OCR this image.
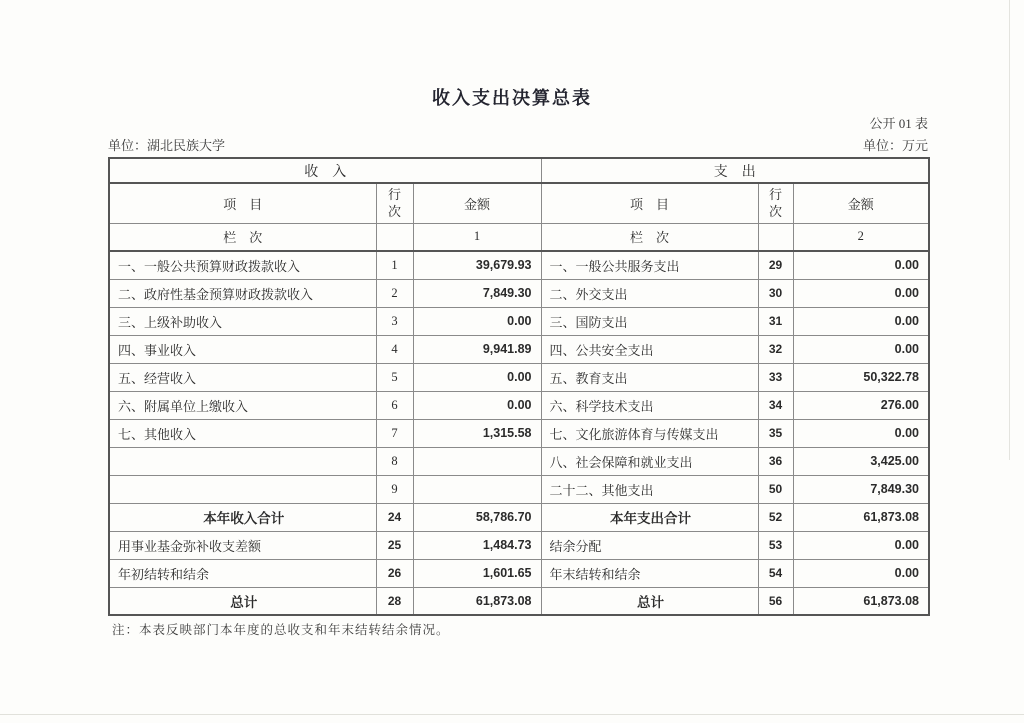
收入支出决算总表
公开 01 表
单位：湖北民族大学	单位：万元
收　入			支　出		
项　目	行次	金额	项　目	行次	金额
栏　次		1	栏　次		2
一、一般公共预算财政拨款收入	1	39,679.93	一、一般公共服务支出	29	0.00
二、政府性基金预算财政拨款收入	2	7,849.30	二、外交支出	30	0.00
三、上级补助收入	3	0.00	三、国防支出	31	0.00
四、事业收入	4	9,941.89	四、公共安全支出	32	0.00
五、经营收入	5	0.00	五、教育支出	33	50,322.78
六、附属单位上缴收入	6	0.00	六、科学技术支出	34	276.00
七、其他收入	7	1,315.58	七、文化旅游体育与传媒支出	35	0.00
	8		八、社会保障和就业支出	36	3,425.00
	9		二十二、其他支出	50	7,849.30
本年收入合计	24	58,786.70	本年支出合计	52	61,873.08
用事业基金弥补收支差额	25	1,484.73	结余分配	53	0.00
年初结转和结余	26	1,601.65	年末结转和结余	54	0.00
总计	28	61,873.08	总计	56	61,873.08
注：本表反映部门本年度的总收支和年末结转结余情况。
